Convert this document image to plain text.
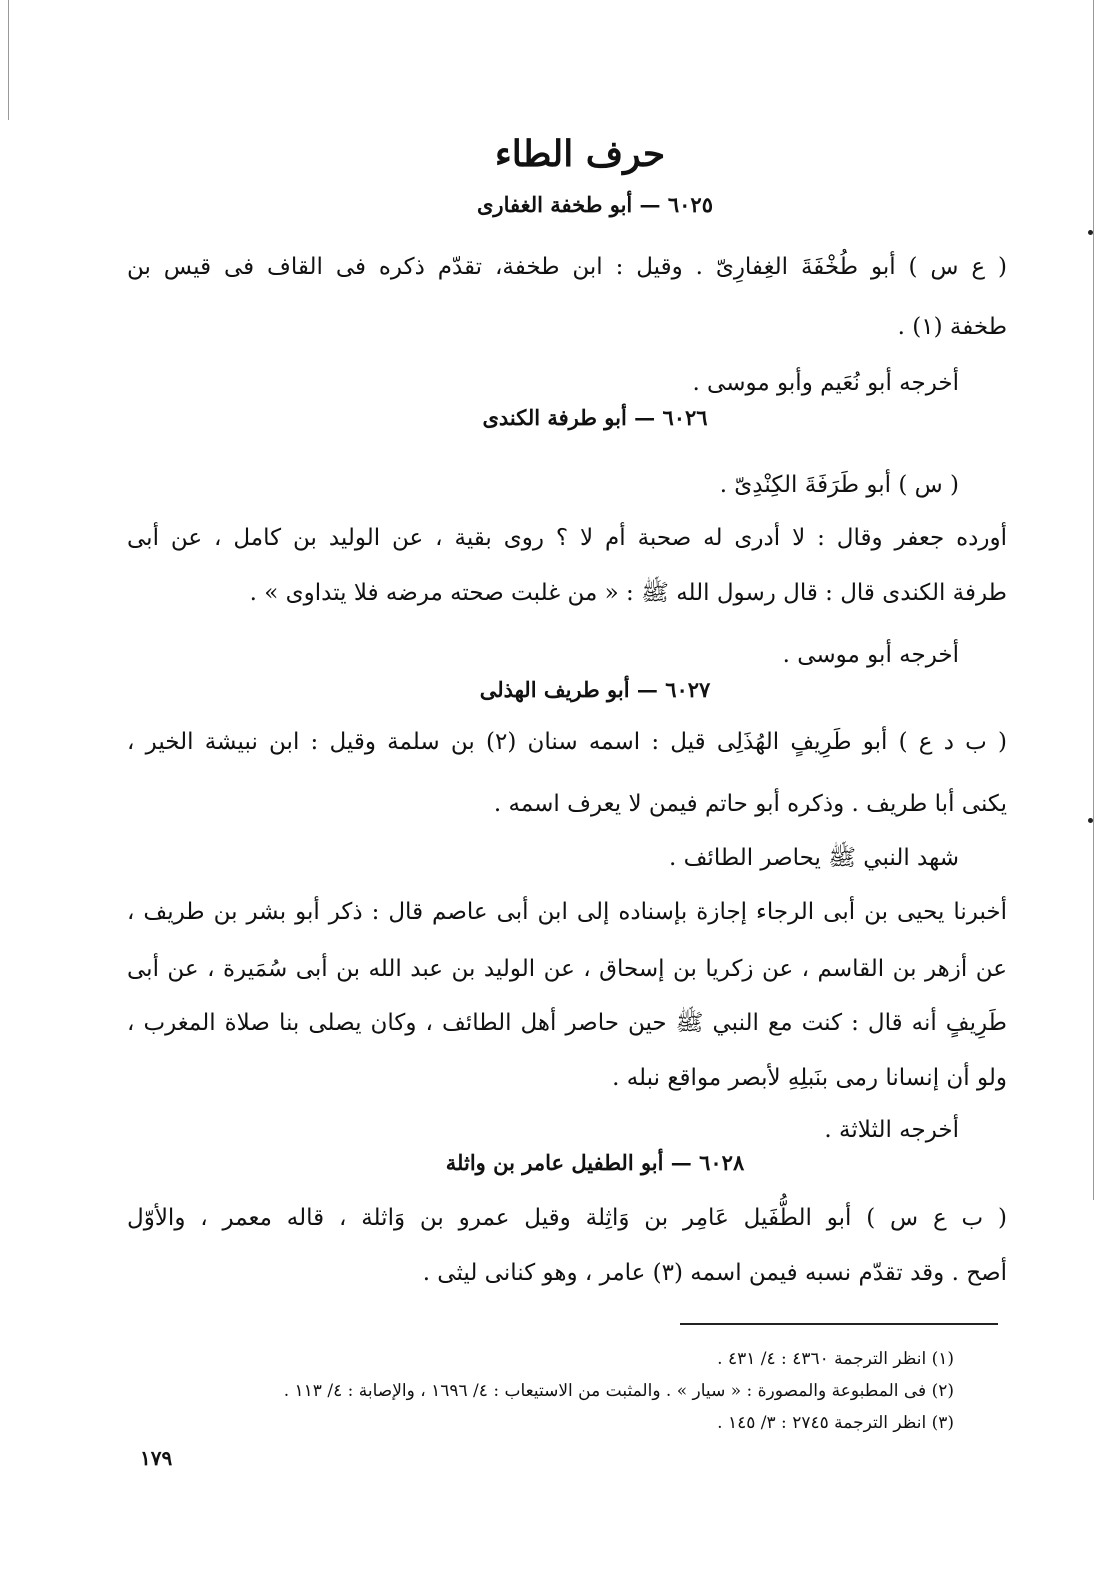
حرف الطاء
٦٠٢٥ — أبو طخفة الغفارى
( ع س ) أبو طُخْفَةَ الغِفارِىّ . وقيل : ابن طخفة، تقدّم ذكره فى القاف فى قيس بن
طخفة (١) .
أخرجه أبو نُعَيم وأبو موسى .
٦٠٢٦ — أبو طرفة الكندى
( س ) أبو طَرَفَةَ الكِنْدِىّ .
أورده جعفر وقال : لا أدرى له صحبة أم لا ؟ روى بقية ، عن الوليد بن كامل ، عن أبى
طرفة الكندى قال : قال رسول الله ﷺ : « من غلبت صحته مرضه فلا يتداوى » .
أخرجه أبو موسى .
٦٠٢٧ — أبو طريف الهذلى
( ب د ع ) أبو طَرِيفٍ الهُذَلِى قيل : اسمه سنان (٢) بن سلمة وقيل : ابن نبيشة الخير ،
يكنى أبا طريف . وذكره أبو حاتم فيمن لا يعرف اسمه .
شهد النبي ﷺ يحاصر الطائف .
أخبرنا يحيى بن أبى الرجاء إجازة بإسناده إلى ابن أبى عاصم قال : ذكر أبو بشر بن طريف ،
عن أزهر بن القاسم ، عن زكريا بن إسحاق ، عن الوليد بن عبد الله بن أبى سُمَيرة ، عن أبى
طَرِيفٍ أنه قال : كنت مع النبي ﷺ حين حاصر أهل الطائف ، وكان يصلى بنا صلاة المغرب ،
ولو أن إنسانا رمى بنَبلِهِ لأبصر مواقع نبله .
أخرجه الثلاثة .
٦٠٢٨ — أبو الطفيل عامر بن واثلة
( ب ع س ) أبو الطُّفَيل عَامِر بن وَاثِلة وقيل عمرو بن وَاثلة ، قاله معمر ، والأوّل
أصح . وقد تقدّم نسبه فيمن اسمه (٣) عامر ، وهو كنانى ليثى .
(١) انظر الترجمة ٤٣٦٠ : ٤/ ٤٣١ .
(٢) فى المطبوعة والمصورة : « سيار » . والمثبت من الاستيعاب : ٤/ ١٦٩٦ ، والإصابة : ٤/ ١١٣ .
(٣) انظر الترجمة ٢٧٤٥ : ٣/ ١٤٥ .
١٧٩
